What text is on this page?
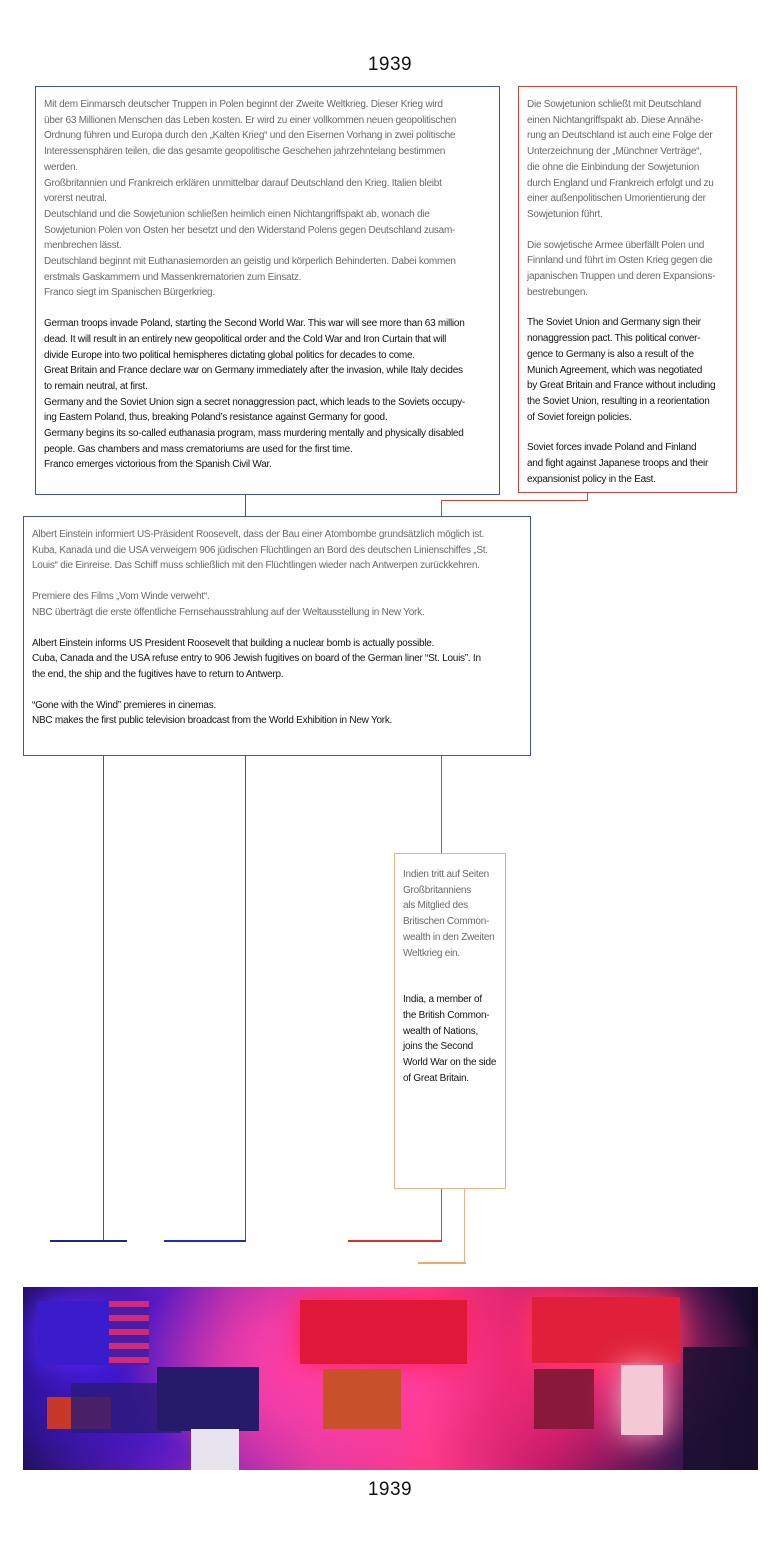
1939

Mit dem Einmarsch deutscher Truppen in Polen beginnt der Zweite Weltkrieg. Dieser Krieg wird
über 63 Millionen Menschen das Leben kosten. Er wird zu einer vollkommen neuen geopolitischen
Ordnung führen und Europa durch den „Kalten Krieg“ und den Eisernen Vorhang in zwei politische
Interessensphären teilen, die das gesamte geopolitische Geschehen jahrzehntelang bestimmen
werden.
Großbritannien und Frankreich erklären unmittelbar darauf Deutschland den Krieg. Italien bleibt
vorerst neutral.
Deutschland und die Sowjetunion schließen heimlich einen Nichtangriffspakt ab, wonach die
Sowjetunion Polen von Osten her besetzt und den Widerstand Polens gegen Deutschland zusam-
menbrechen lässt.
Deutschland beginnt mit Euthanasiemorden an geistig und körperlich Behinderten. Dabei kommen
erstmals Gaskammern und Massenkrematorien zum Einsatz.
Franco siegt im Spanischen Bürgerkrieg.

German troops invade Poland, starting the Second World War. This war will see more than 63 million
dead. It will result in an entirely new geopolitical order and the Cold War and Iron Curtain that will
divide Europe into two political hemispheres dictating global politics for decades to come.
Great Britain and France declare war on Germany immediately after the invasion, while Italy decides
to remain neutral, at first.
Germany and the Soviet Union sign a secret nonaggression pact, which leads to the Soviets occupy-
ing Eastern Poland, thus, breaking Poland’s resistance against Germany for good.
Germany begins its so-called euthanasia program, mass murdering mentally and physically disabled
people. Gas chambers and mass crematoriums are used for the first time.
Franco emerges victorious from the Spanish Civil War.

Die Sowjetunion schließt mit Deutschland
einen Nichtangriffspakt ab. Diese Annähe-
rung an Deutschland ist auch eine Folge der
Unterzeichnung der „Münchner Verträge“,
die ohne die Einbindung der Sowjetunion
durch England und Frankreich erfolgt und zu
einer außenpolitischen Umorientierung der
Sowjetunion führt.

Die sowjetische Armee überfällt Polen und
Finnland und führt im Osten Krieg gegen die
japanischen Truppen und deren Expansions-
bestrebungen.

The Soviet Union and Germany sign their
nonaggression pact. This political conver-
gence to Germany is also a result of the
Munich Agreement, which was negotiated
by Great Britain and France without including
the Soviet Union, resulting in a reorientation
of Soviet foreign policies.

Soviet forces invade Poland and Finland
and fight against Japanese troops and their
expansionist policy in the East.

Albert Einstein informiert US-Präsident Roosevelt, dass der Bau einer Atombombe grundsätzlich möglich ist.
Kuba, Kanada und die USA verweigern 906 jüdischen Flüchtlingen an Bord des deutschen Linienschiffes „St.
Louis“ die Einreise. Das Schiff muss schließlich mit den Flüchtlingen wieder nach Antwerpen zurückkehren.

Premiere des Films „Vom Winde verweht“.
NBC überträgt die erste öffentliche Fernsehausstrahlung auf der Weltausstellung in New York.

Albert Einstein informs US President Roosevelt that building a nuclear bomb is actually possible.
Cuba, Canada and the USA refuse entry to 906 Jewish fugitives on board of the German liner “St. Louis”. In
the end, the ship and the fugitives have to return to Antwerp.

“Gone with the Wind” premieres in cinemas.
NBC makes the first public television broadcast from the World Exhibition in New York.

Indien tritt auf Seiten
Großbritanniens
als Mitglied des
Britischen Common-
wealth in den Zweiten
Weltkrieg ein.

India, a member of
the British Common-
wealth of Nations,
joins the Second
World War on the side
of Great Britain.

1939
